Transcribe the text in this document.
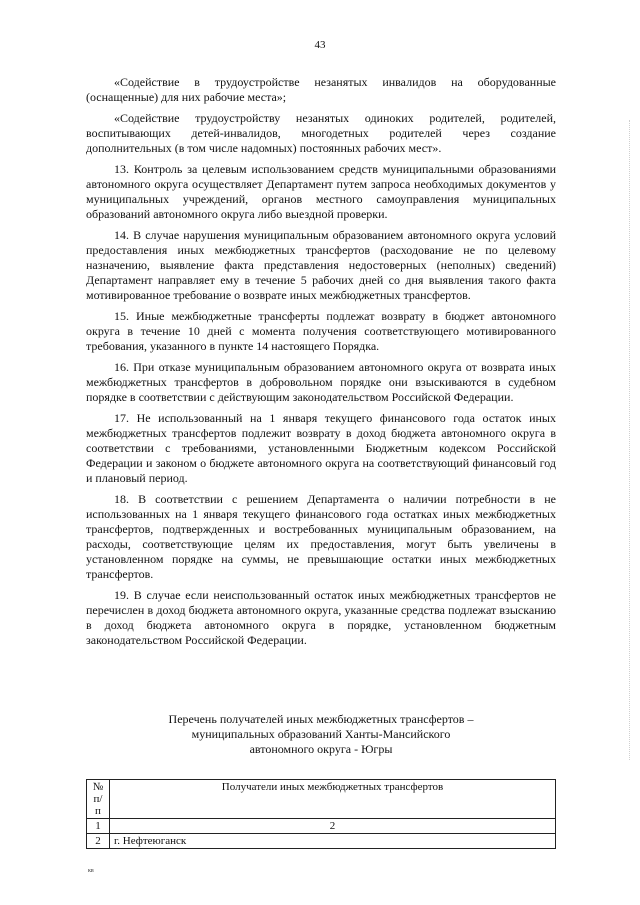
43

«Содействие в трудоустройстве незанятых инвалидов на оборудованные (оснащенные) для них рабочие места»;

«Содействие трудоустройству незанятых одиноких родителей, родителей, воспитывающих детей-инвалидов, многодетных родителей через создание дополнительных (в том числе надомных) постоянных рабочих мест».

13. Контроль за целевым использованием средств муниципальными образованиями автономного округа осуществляет Департамент путем запроса необходимых документов у муниципальных учреждений, органов местного самоуправления муниципальных образований автономного округа либо выездной проверки.

14. В случае нарушения муниципальным образованием автономного округа условий предоставления иных межбюджетных трансфертов (расходование не по целевому назначению, выявление факта представления недостоверных (неполных) сведений) Департамент направляет ему в течение 5 рабочих дней со дня выявления такого факта мотивированное требование о возврате иных межбюджетных трансфертов.

15. Иные межбюджетные трансферты подлежат возврату в бюджет автономного округа в течение 10 дней с момента получения соответствующего мотивированного требования, указанного в пункте 14 настоящего Порядка.

16. При отказе муниципальным образованием автономного округа от возврата иных межбюджетных трансфертов в добровольном порядке они взыскиваются в судебном порядке в соответствии с действующим законодательством Российской Федерации.

17. Не использованный на 1 января текущего финансового года остаток иных межбюджетных трансфертов подлежит возврату в доход бюджета автономного округа в соответствии с требованиями, установленными Бюджетным кодексом Российской Федерации и законом о бюджете автономного округа на соответствующий финансовый год и плановый период.

18. В соответствии с решением Департамента о наличии потребности в не использованных на 1 января текущего финансового года остатках иных межбюджетных трансфертов, подтвержденных и востребованных муниципальным образованием, на расходы, соответствующие целям их предоставления, могут быть увеличены в установленном порядке на суммы, не превышающие остатки иных межбюджетных трансфертов.

19. В случае если неиспользованный остаток иных межбюджетных трансфертов не перечислен в доход бюджета автономного округа, указанные средства подлежат взысканию в доход бюджета автономного округа в порядке, установленном бюджетным законодательством Российской Федерации.

Перечень получателей иных межбюджетных трансфертов –
муниципальных образований Ханты-Мансийского
автономного округа - Югры
№ п/п	Получатели иных межбюджетных трансфертов
1	2
2	г. Нефтеюганск
кв
